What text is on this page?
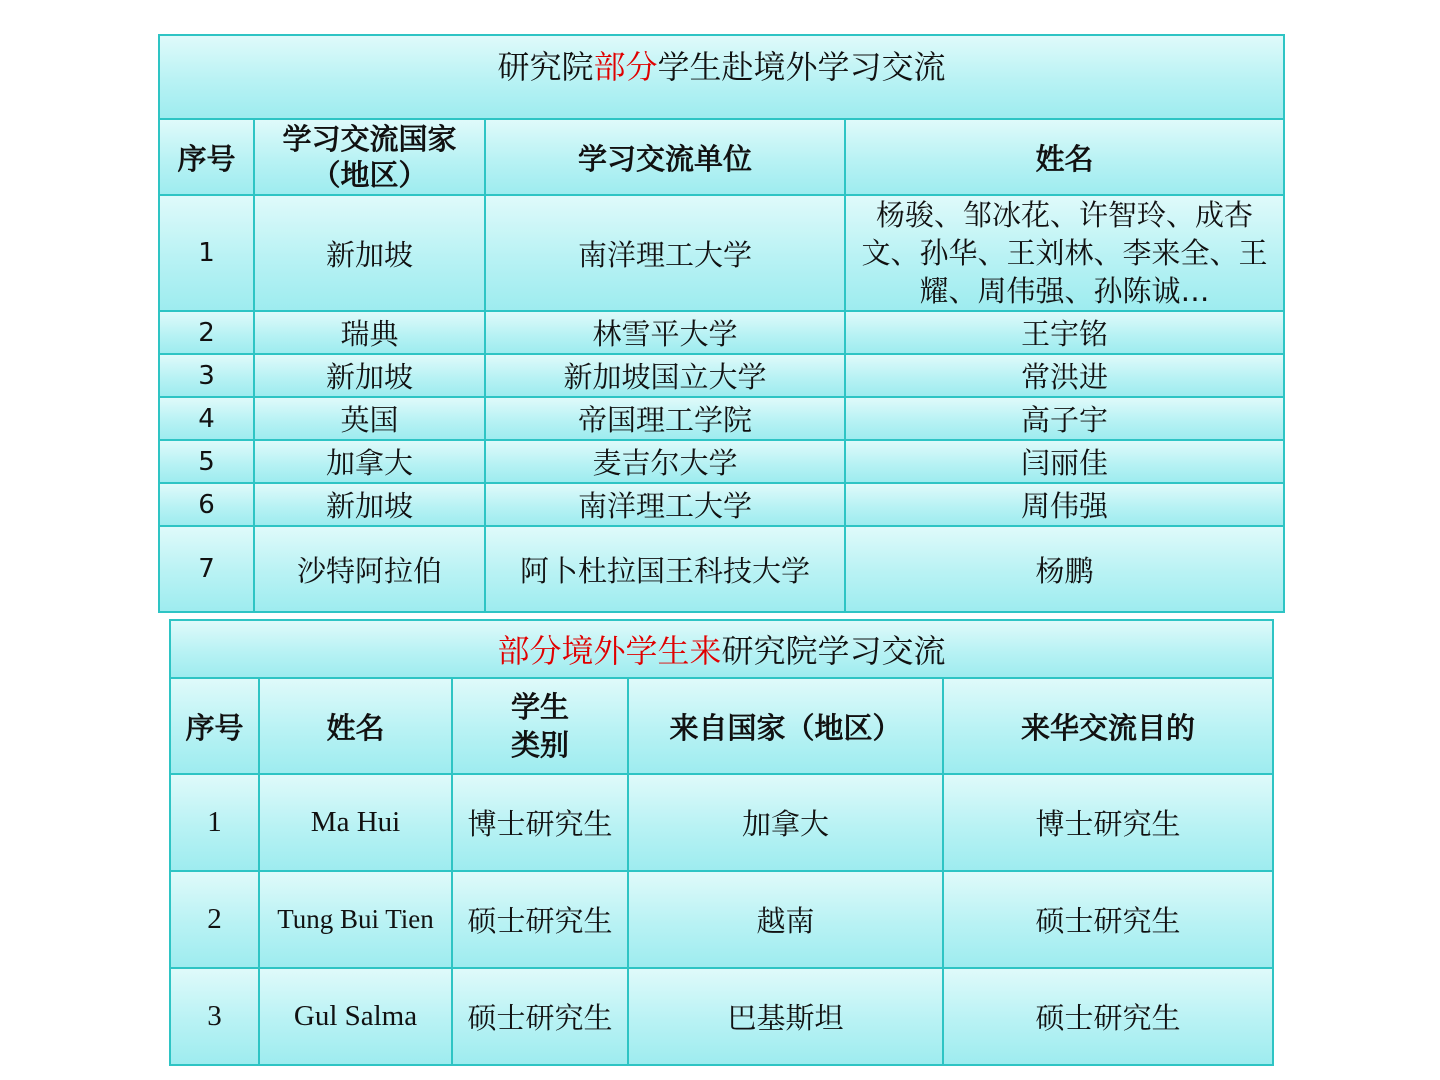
研究院部分学生赴境外学习交流			
序号	学习交流国家（地区）	学习交流单位	姓名
1	新加坡	南洋理工大学	杨骏、邹冰花、许智玲、成杏文、孙华、王刘林、李来全、王耀、周伟强、孙陈诚…
2	瑞典	林雪平大学	王宇铭
3	新加坡	新加坡国立大学	常洪进
4	英国	帝国理工学院	高子宇
5	加拿大	麦吉尔大学	闫丽佳
6	新加坡	南洋理工大学	周伟强
7	沙特阿拉伯	阿卜杜拉国王科技大学	杨鹏
部分境外学生来研究院学习交流				
序号	姓名	学生类别	来自国家（地区）	来华交流目的
1	Ma Hui	博士研究生	加拿大	博士研究生
2	Tung Bui Tien	硕士研究生	越南	硕士研究生
3	Gul Salma	硕士研究生	巴基斯坦	硕士研究生
